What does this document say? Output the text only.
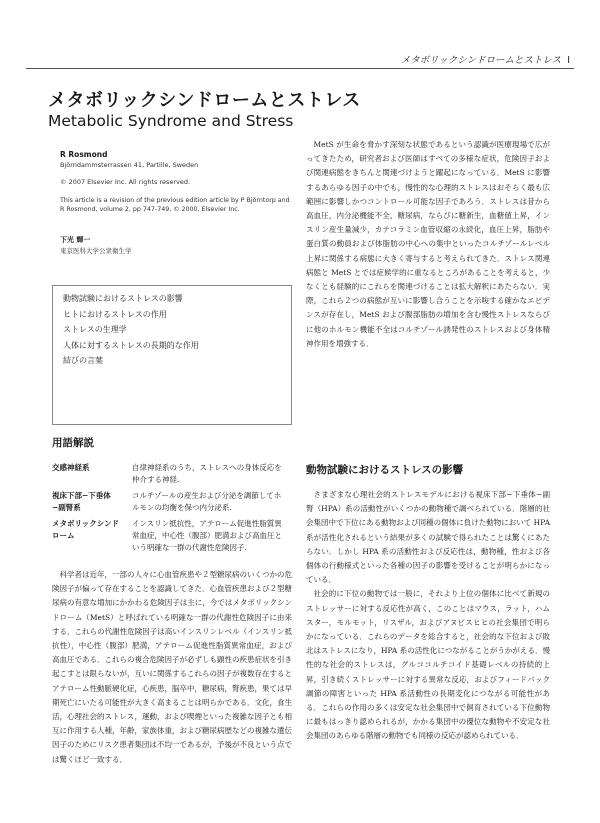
メタボリックシンドロームとストレス I
メタボリックシンドロームとストレス
Metabolic Syndrome and Stress
R Rosmond
Björndammsterrassen 41, Partille, Sweden
© 2007 Elsevier Inc. All rights reserved.
This article is a revision of the previous edition article by P Björntorp and R Rosmond, volume 2, pp 747-749, © 2000, Elsevier Inc.
下光 輝一
東京医科大学公衆衛生学
動物試験におけるストレスの影響
ヒトにおけるストレスの作用
ストレスの生理学
人体に対するストレスの長期的な作用
結びの言葉
用語解説
交感神経系	自律神経系のうち，ストレスへの身体反応を仲介する神経.
視床下部−下垂体−副腎系
コルチゾールの産生および分泌を調節してホルモンの均衡を保つ内分泌系.
メタボリックシンドローム
インスリン抵抗性，アテローム促進性脂質異常血症，中心性（腹部）肥満および高血圧という明確な一群の代謝性危険因子.

科学者は近年，一部の人々に心血管疾患や２型糖尿病のいくつかの危険因子が偏って存在することを認識してきた．心血管疾患および２型糖尿病の有意な増加にかかわる危険因子は主に，今ではメタボリックシンドローム（MetS）と呼ばれている明確な一群の代謝性危険因子に由来する．これらの代謝性危険因子は高いインスリンレベル（インスリン抵抗性），中心性（腹部）肥満，アテローム促進性脂質異常血症，および高血圧である．これらの複合危険因子が必ずしも顕性の疾患症状を引き起こすとは限らないが，互いに関係するこれらの因子が複数存在するとアテローム性動脈硬化症，心疾患，脳卒中，糖尿病，腎疾患，果ては早期死亡にいたる可能性が大きく高まることは明らかである．文化，食生活，心理社会的ストレス，運動，および喫煙といった複雑な因子とも相互に作用する人種，年齢，家族体重，および糖尿病歴などの複雑な遺伝因子のためにリスク患者集団は不均一であるが，予後が不良という点では驚くほど一致する．

MetS が生命を脅かす深刻な状態であるという認識が医療現場で広がってきたため，研究者および医師はすべての多様な症状，危険因子および関連病態をきちんと関連づけようと躍起になっている．MetS に影響するあらゆる因子の中でも，慢性的な心理的ストレスはおそらく最も広範囲に影響しかつコントロール可能な因子であろう．ストレスは昔から高血圧，内分泌機能不全，糖尿病，ならびに糖新生，血糖値上昇，インスリン産生量減少，カテコラミン血管収縮の永続化，血圧上昇，脂肪や蛋白質の動員および体脂肪の中心への集中といったコルチゾールレベル上昇に関係する病態に大きく寄与すると考えられてきた．ストレス関連病態と MetS とでは症候学的に重なるところがあることを考えると，少なくとも経験的にこれらを関連づけることは拡大解釈にあたらない．実際，これら２つの病態が互いに影響し合うことを示唆する確かなエビデンスが存在し，MetS および腹部脂肪の増加を含む慢性ストレスならびに他のホルモン機能不全はコルチゾール誘発性のストレスおよび身体精神作用を増強する．

動物試験におけるストレスの影響

さまざまな心理社会的ストレスモデルにおける視床下部−下垂体−副腎（HPA）系の活動性がいくつかの動物種で調べられている．階層的社会集団中で下位にある動物および同種の個体に負けた動物において HPA 系が活性化されるという結果が多くの試験で得られたことは驚くにあたらない．しかし HPA 系の活動性および反応性は，動物種，性および各個体の行動様式といった各種の因子の影響を受けることが明らかになっている．

社会的に下位の動物では一般に，それより上位の個体に比べて新規のストレッサーに対する反応性が高く，このことはマウス，ラット，ハムスター，モルモット，リスザル，およびアヌビスヒヒの社会集団で明らかになっている．これらのデータを総合すると，社会的な下位および敗北はストレスになり，HPA 系の活性化につながることがうかがえる．慢性的な社会的ストレスは，グルココルチコイド基礎レベルの持続的上昇，引き続くストレッサーに対する異常な反応，およびフィードバック調節の障害といった HPA 系活動性の長期変化につながる可能性がある．これらの作用の多くは安定な社会集団中で飼育されている下位動物に最もはっきり認められるが，かかる集団中の優位な動物や不安定な社会集団のあらゆる階層の動物でも同様の反応が認められている．
